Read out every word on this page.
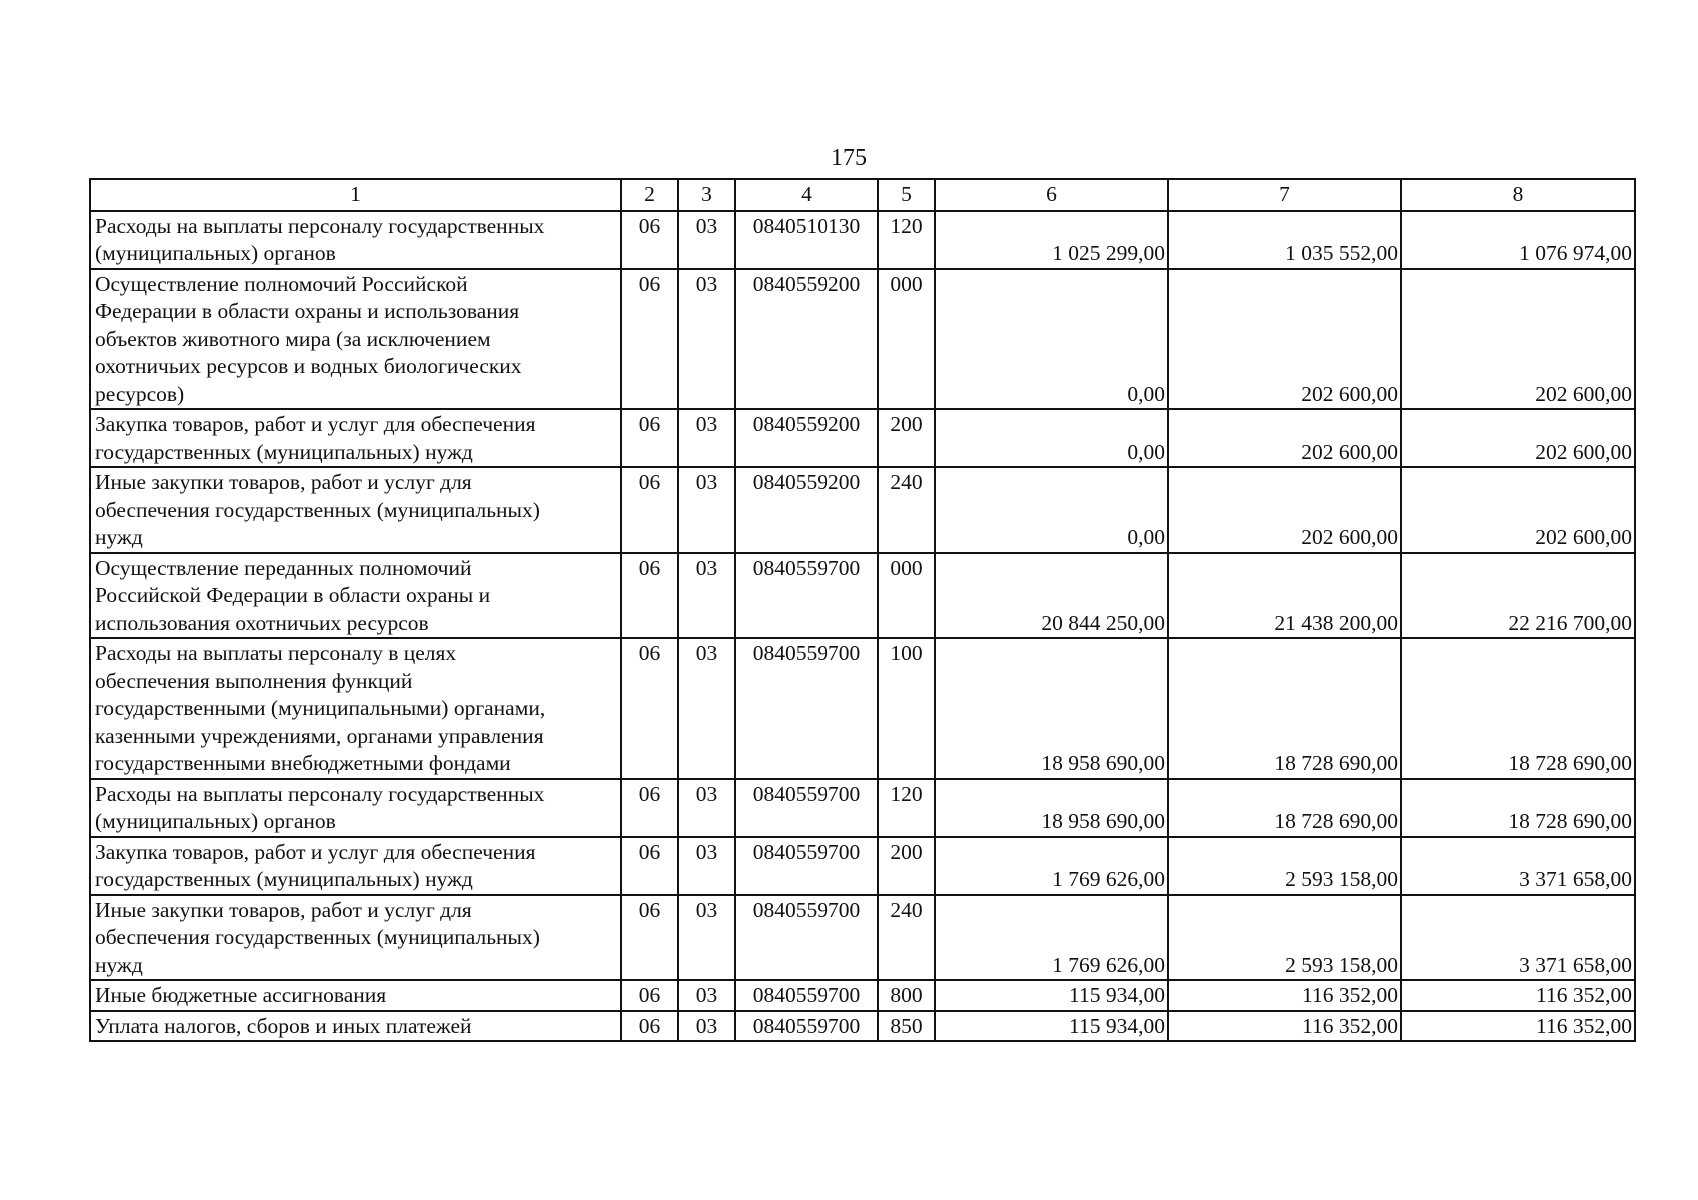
175
1	2	3	4	5	6	7	8

Расходы на выплаты персоналу государственных
(муниципальных) органов	06	03	0840510130	120	1 025 299,00	1 035 552,00	1 076 974,00

Осуществление полномочий Российской
Федерации в области охраны и использования
объектов животного мира (за исключением
охотничьих ресурсов и водных биологических
ресурсов)	06	03	0840559200	000	0,00	202 600,00	202 600,00

Закупка товаров, работ и услуг для обеспечения
государственных (муниципальных) нужд	06	03	0840559200	200	0,00	202 600,00	202 600,00

Иные закупки товаров, работ и услуг для
обеспечения государственных (муниципальных)
нужд	06	03	0840559200	240	0,00	202 600,00	202 600,00

Осуществление переданных полномочий
Российской Федерации в области охраны и
использования охотничьих ресурсов	06	03	0840559700	000	20 844 250,00	21 438 200,00	22 216 700,00

Расходы на выплаты персоналу в целях
обеспечения выполнения функций
государственными (муниципальными) органами,
казенными учреждениями, органами управления
государственными внебюджетными фондами	06	03	0840559700	100	18 958 690,00	18 728 690,00	18 728 690,00

Расходы на выплаты персоналу государственных
(муниципальных) органов	06	03	0840559700	120	18 958 690,00	18 728 690,00	18 728 690,00

Закупка товаров, работ и услуг для обеспечения
государственных (муниципальных) нужд	06	03	0840559700	200	1 769 626,00	2 593 158,00	3 371 658,00

Иные закупки товаров, работ и услуг для
обеспечения государственных (муниципальных)
нужд	06	03	0840559700	240	1 769 626,00	2 593 158,00	3 371 658,00

Иные бюджетные ассигнования	06	03	0840559700	800	115 934,00	116 352,00	116 352,00

Уплата налогов, сборов и иных платежей	06	03	0840559700	850	115 934,00	116 352,00	116 352,00
